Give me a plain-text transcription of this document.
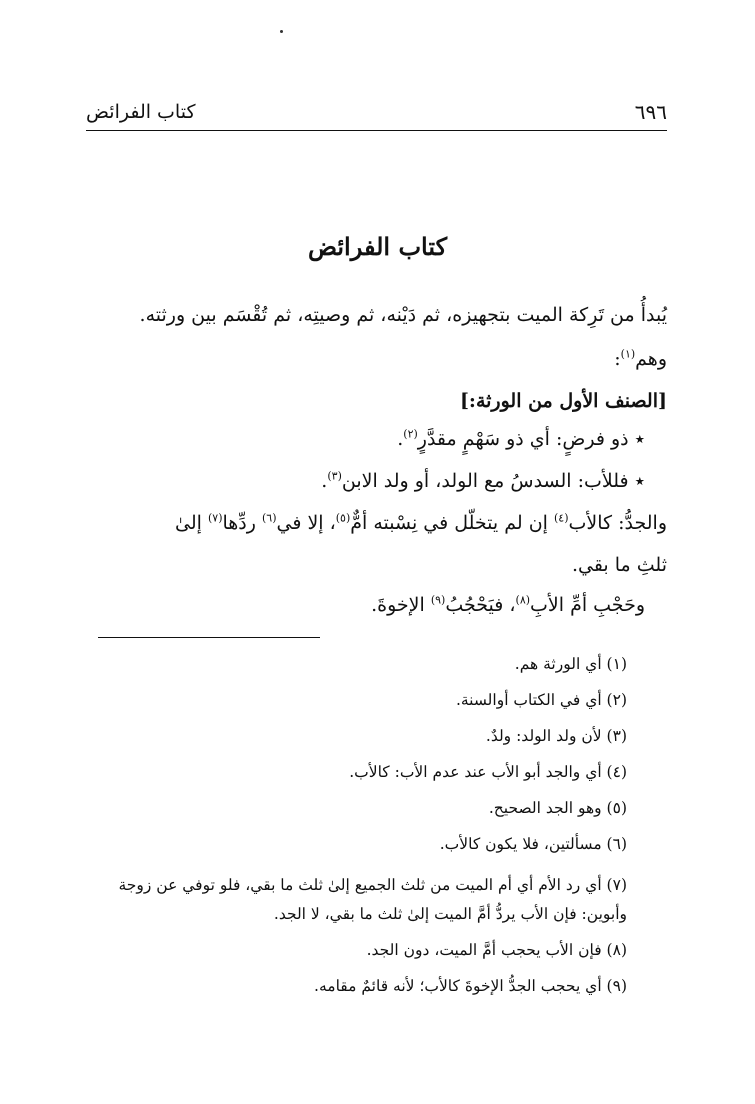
٦٩٦
كتاب الفرائض
كتاب الفرائض

يُبدأُ من تَرِكة الميت بتجهيزه، ثم دَيْنه، ثم وصيتِه، ثم تُقْسَم بين ورثته.

وهم$^{(١)}$:

[الصنف الأول من الورثة:]

٭ ذو فرضٍ: أي ذو سَهْمٍ مقدَّرٍ$^{(٢)}$.

٭ فللأب: السدسُ مع الولد، أو ولد الابن$^{(٣)}$.

والجدُّ: كالأب$^{(٤)}$ إن لم يتخلّل في نِسْبته أمٌّ$^{(٥)}$، إلا في$^{(٦)}$ ردِّها$^{(٧)}$ إلىٰ

ثلثِ ما بقي.

وحَجْبِ أمِّ الأبِ$^{(٨)}$، فيَحْجُبُ$^{(٩)}$ الإخوةَ.

(١) أي الورثة هم.
(٢) أي في الكتاب أوالسنة.
(٣) لأن ولد الولد: ولدٌ.
(٤) أي والجد أبو الأب عند عدم الأب: كالأب.
(٥) وهو الجد الصحيح.
(٦) مسألتين، فلا يكون كالأب.
(٧) أي رد الأم أي أم الميت من ثلث الجميع إلىٰ ثلث ما بقي، فلو توفي عن زوجة وأبوين: فإن الأب يردُّ أمَّ الميت إلىٰ ثلث ما بقي، لا الجد.
(٨) فإن الأب يحجب أمَّ الميت، دون الجد.
(٩) أي يحجب الجدُّ الإخوةَ كالأب؛ لأنه قائمٌ مقامه.
